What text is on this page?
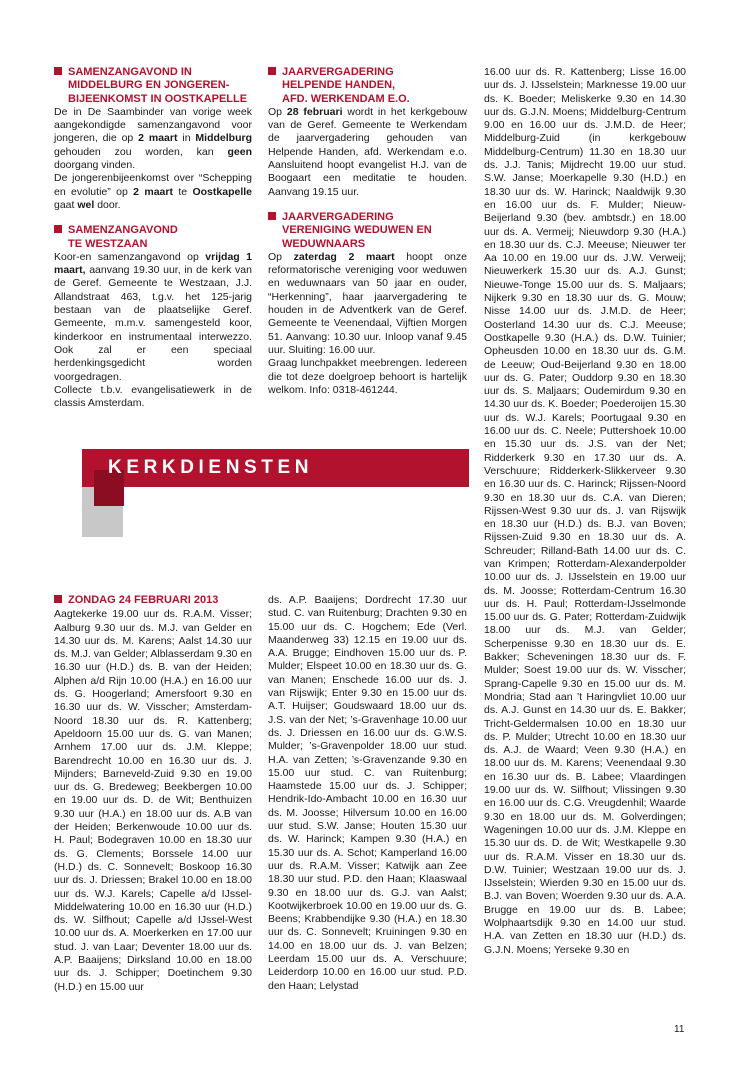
SAMENZANGAVOND IN
MIDDELBURG EN JONGEREN-
BIJEENKOMST IN OOSTKAPELLE

De in De Saambinder van vorige week aangekondigde samenzangavond voor jongeren, die op 2 maart in Middelburg gehouden zou worden, kan geen doorgang vinden.

De jongerenbijeenkomst over “Schepping en evolutie” op 2 maart te Oostkapelle gaat wel door.

SAMENZANGAVOND
TE WESTZAAN

Koor-en samenzangavond op vrijdag 1 maart, aanvang 19.30 uur, in de kerk van de Geref. Gemeente te Westzaan, J.J. Allandstraat 463, t.g.v. het 125-jarig bestaan van de plaatselijke Geref. Gemeente, m.m.v. samengesteld koor, kinderkoor en instrumentaal interwezzo. Ook zal er een speciaal herdenkingsgedicht worden voorgedragen.

Collecte t.b.v. evangelisatiewerk in de classis Amsterdam.

JAARVERGADERING
HELPENDE HANDEN,
AFD. WERKENDAM E.O.

Op 28 februari wordt in het kerkgebouw van de Geref. Gemeente te Werkendam de jaarvergadering gehouden van Helpende Handen, afd. Werkendam e.o. Aansluitend hoopt evangelist H.J. van de Boogaart een meditatie te houden. Aanvang 19.15 uur.

JAARVERGADERING
VERENIGING WEDUWEN EN
WEDUWNAARS

Op zaterdag 2 maart hoopt onze reformatorische vereniging voor weduwen en weduwnaars van 50 jaar en ouder, “Herkenning”, haar jaarvergadering te houden in de Adventkerk van de Geref. Gemeente te Veenendaal, Vijftien Morgen 51. Aanvang: 10.30 uur. Inloop vanaf 9.45 uur. Sluiting: 16.00 uur.

Graag lunchpakket meebrengen. Iedereen die tot deze doelgroep behoort is hartelijk welkom. Info: 0318-461244.

KERKDIENSTEN
ZONDAG 24 FEBRUARI 2013

Aagtekerke 19.00 uur ds. R.A.M. Visser; Aalburg 9.30 uur ds. M.J. van Gelder en 14.30 uur ds. M. Karens; Aalst 14.30 uur ds. M.J. van Gelder; Alblasserdam 9.30 en 16.30 uur (H.D.) ds. B. van der Heiden; Alphen a/d Rijn 10.00 (H.A.) en 16.00 uur ds. G. Hoogerland; Amersfoort 9.30 en 16.30 uur ds. W. Visscher; Amsterdam-Noord 18.30 uur ds. R. Kattenberg; Apeldoorn 15.00 uur ds. G. van Manen; Arnhem 17.00 uur ds. J.M. Kleppe; Barendrecht 10.00 en 16.30 uur ds. J. Mijnders; Barneveld-Zuid 9.30 en 19.00 uur ds. G. Bredeweg; Beekbergen 10.00 en 19.00 uur ds. D. de Wit; Benthuizen 9.30 uur (H.A.) en 18.00 uur ds. A.B van der Heiden; Berkenwoude 10.00 uur ds. H. Paul; Bodegraven 10.00 en 18.30 uur ds. G. Clements; Borssele 14.00 uur (H.D.) ds. C. Sonnevelt; Boskoop 16.30 uur ds. J. Driessen; Brakel 10.00 en 18.00 uur ds. W.J. Karels; Capelle a/d IJssel-Middelwatering 10.00 en 16.30 uur (H.D.) ds. W. Silfhout; Capelle a/d IJssel-West 10.00 uur ds. A. Moerkerken en 17.00 uur stud. J. van Laar; Deventer 18.00 uur ds. A.P. Baaijens; Dirksland 10.00 en 18.00 uur ds. J. Schipper; Doetinchem 9.30 (H.D.) en 15.00 uur

ds. A.P. Baaijens; Dordrecht 17.30 uur stud. C. van Ruitenburg; Drachten 9.30 en 15.00 uur ds. C. Hogchem; Ede (Verl. Maanderweg 33) 12.15 en 19.00 uur ds. A.A. Brugge; Eindhoven 15.00 uur ds. P. Mulder; Elspeet 10.00 en 18.30 uur ds. G. van Manen; Enschede 16.00 uur ds. J. van Rijswijk; Enter 9.30 en 15.00 uur ds. A.T. Huijser; Goudswaard 18.00 uur ds. J.S. van der Net; ’s-Gravenhage 10.00 uur ds. J. Driessen en 16.00 uur ds. G.W.S. Mulder; ’s-Gravenpolder 18.00 uur stud. H.A. van Zetten; ’s-Gravenzande 9.30 en 15.00 uur stud. C. van Ruitenburg; Haamstede 15.00 uur ds. J. Schipper; Hendrik-Ido-Ambacht 10.00 en 16.30 uur ds. M. Joosse; Hilversum 10.00 en 16.00 uur stud. S.W. Janse; Houten 15.30 uur ds. W. Harinck; Kampen 9.30 (H.A.) en 15.30 uur ds. A. Schot; Kamperland 16.00 uur ds. R.A.M. Visser; Katwijk aan Zee 18.30 uur stud. P.D. den Haan; Klaaswaal 9.30 en 18.00 uur ds. G.J. van Aalst; Kootwijkerbroek 10.00 en 19.00 uur ds. G. Beens; Krabbendijke 9.30 (H.A.) en 18.30 uur ds. C. Sonnevelt; Kruiningen 9.30 en 14.00 en 18.00 uur ds. J. van Belzen; Leerdam 15.00 uur ds. A. Verschuure; Leiderdorp 10.00 en 16.00 uur stud. P.D. den Haan; Lelystad

16.00 uur ds. R. Kattenberg; Lisse 16.00 uur ds. J. IJsselstein; Marknesse 19.00 uur ds. K. Boeder; Meliskerke 9.30 en 14.30 uur ds. G.J.N. Moens; Middelburg-Centrum 9.00 en 16.00 uur ds. J.M.D. de Heer; Middelburg-Zuid (in kerkgebouw Middelburg-Centrum) 11.30 en 18.30 uur ds. J.J. Tanis; Mijdrecht 19.00 uur stud. S.W. Janse; Moerkapelle 9.30 (H.D.) en 18.30 uur ds. W. Harinck; Naaldwijk 9.30 en 16.00 uur ds. F. Mulder; Nieuw-Beijerland 9.30 (bev. ambtsdr.) en 18.00 uur ds. A. Vermeij; Nieuwdorp 9.30 (H.A.) en 18.30 uur ds. C.J. Meeuse; Nieuwer ter Aa 10.00 en 19.00 uur ds. J.W. Verweij; Nieuwerkerk 15.30 uur ds. A.J. Gunst; Nieuwe-Tonge 15.00 uur ds. S. Maljaars; Nijkerk 9.30 en 18.30 uur ds. G. Mouw; Nisse 14.00 uur ds. J.M.D. de Heer; Oosterland 14.30 uur ds. C.J. Meeuse; Oostkapelle 9.30 (H.A.) ds. D.W. Tuinier; Opheusden 10.00 en 18.30 uur ds. G.M. de Leeuw; Oud-Beijerland 9.30 en 18.00 uur ds. G. Pater; Ouddorp 9.30 en 18.30 uur ds. S. Maljaars; Oudemirdum 9.30 en 14.30 uur ds. K. Boeder; Poederoijen 15.30 uur ds. W.J. Karels; Poortugaal 9.30 en 16.00 uur ds. C. Neele; Puttershoek 10.00 en 15.30 uur ds. J.S. van der Net; Ridderkerk 9.30 en 17.30 uur ds. A. Verschuure; Ridderkerk-Slikkerveer 9.30 en 16.30 uur ds. C. Harinck; Rijssen-Noord 9.30 en 18.30 uur ds. C.A. van Dieren; Rijssen-West 9.30 uur ds. J. van Rijswijk en 18.30 uur (H.D.) ds. B.J. van Boven; Rijssen-Zuid 9.30 en 18.30 uur ds. A. Schreuder; Rilland-Bath 14.00 uur ds. C. van Krimpen; Rotterdam-Alexanderpolder 10.00 uur ds. J. IJsselstein en 19.00 uur ds. M. Joosse; Rotterdam-Centrum 16.30 uur ds. H. Paul; Rotterdam-IJsselmonde 15.00 uur ds. G. Pater; Rotterdam-Zuidwijk 18.00 uur ds. M.J. van Gelder; Scherpenisse 9.30 en 18.30 uur ds. E. Bakker; Scheveningen 18.30 uur ds. F. Mulder; Soest 19.00 uur ds. W. Visscher; Sprang-Capelle 9.30 en 15.00 uur ds. M. Mondria; Stad aan ’t Haringvliet 10.00 uur ds. A.J. Gunst en 14.30 uur ds. E. Bakker; Tricht-Geldermalsen 10.00 en 18.30 uur ds. P. Mulder; Utrecht 10.00 en 18.30 uur ds. A.J. de Waard; Veen 9.30 (H.A.) en 18.00 uur ds. M. Karens; Veenendaal 9.30 en 16.30 uur ds. B. Labee; Vlaardingen 19.00 uur ds. W. Silfhout; Vlissingen 9.30 en 16.00 uur ds. C.G. Vreugdenhil; Waarde 9.30 en 18.00 uur ds. M. Golverdingen; Wageningen 10.00 uur ds. J.M. Kleppe en 15.30 uur ds. D. de Wit; Westkapelle 9.30 uur ds. R.A.M. Visser en 18.30 uur ds. D.W. Tuinier; Westzaan 19.00 uur ds. J. IJsselstein; Wierden 9.30 en 15.00 uur ds. B.J. van Boven; Woerden 9.30 uur ds. A.A. Brugge en 19.00 uur ds. B. Labee; Wolphaartsdijk 9.30 en 14.00 uur stud. H.A. van Zetten en 18.30 uur (H.D.) ds. G.J.N. Moens; Yerseke 9.30 en

11
